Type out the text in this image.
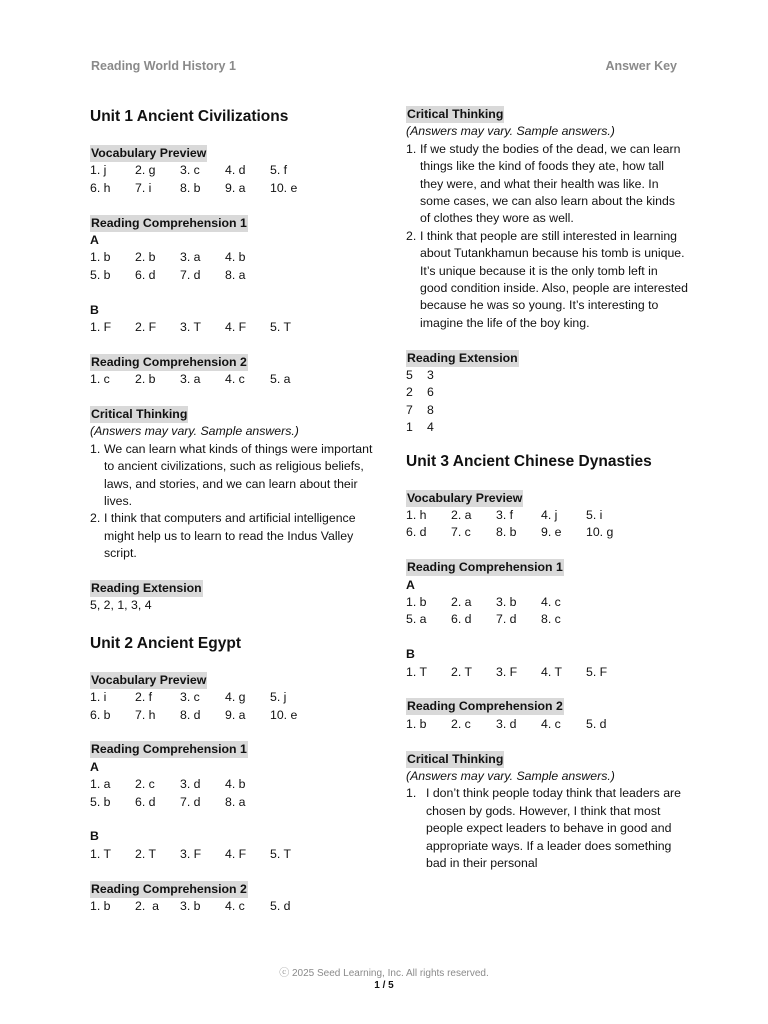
Reading World History 1	Answer Key
Unit 1 Ancient Civilizations
Vocabulary Preview
1. j	2. g	3. c	4. d	5. f
6. h	7. i	8. b	9. a	10. e
Reading Comprehension 1
A
1. b	2. b	3. a	4. b
5. b	6. d	7. d	8. a
B
1. F	2. F	3. T	4. F	5. T
Reading Comprehension 2
1. c	2. b	3. a	4. c	5. a
Critical Thinking
(Answers may vary. Sample answers.)
1. We can learn what kinds of things were important to ancient civilizations, such as religious beliefs, laws, and stories, and we can learn about their lives.
2. I think that computers and artificial intelligence might help us to learn to read the Indus Valley script.
Reading Extension
5, 2, 1, 3, 4
Unit 2 Ancient Egypt
Vocabulary Preview
1. i	2. f	3. c	4. g	5. j
6. b	7. h	8. d	9. a	10. e
Reading Comprehension 1
A
1. a	2. c	3. d	4. b
5. b	6. d	7. d	8. a
B
1. T	2. T	3. F	4. F	5. T
Reading Comprehension 2
1. b	2.  a	3. b	4. c	5. d
Critical Thinking
(Answers may vary. Sample answers.)
1. If we study the bodies of the dead, we can learn things like the kind of foods they ate, how tall they were, and what their health was like. In some cases, we can also learn about the kinds of clothes they wore as well.
2. I think that people are still interested in learning about Tutankhamun because his tomb is unique. It’s unique because it is the only tomb left in good condition inside. Also, people are interested because he was so young. It’s interesting to imagine the life of the boy king.
Reading Extension
5	3
2	6
7	8
1	4
Unit 3 Ancient Chinese Dynasties
Vocabulary Preview
1. h	2. a	3. f	4. j	5. i
6. d	7. c	8. b	9. e	10. g
Reading Comprehension 1
A
1. b	2. a	3. b	4. c
5. a	6. d	7. d	8. c
B
1. T	2. T	3. F	4. T	5. F
Reading Comprehension 2
1. b	2. c	3. d	4. c	5. d
Critical Thinking
(Answers may vary. Sample answers.)
1. I don’t think people today think that leaders are chosen by gods. However, I think that most people expect leaders to behave in good and appropriate ways. If a leader does something bad in their personal
ⓒ 2025 Seed Learning, Inc. All rights reserved.
1 / 5
